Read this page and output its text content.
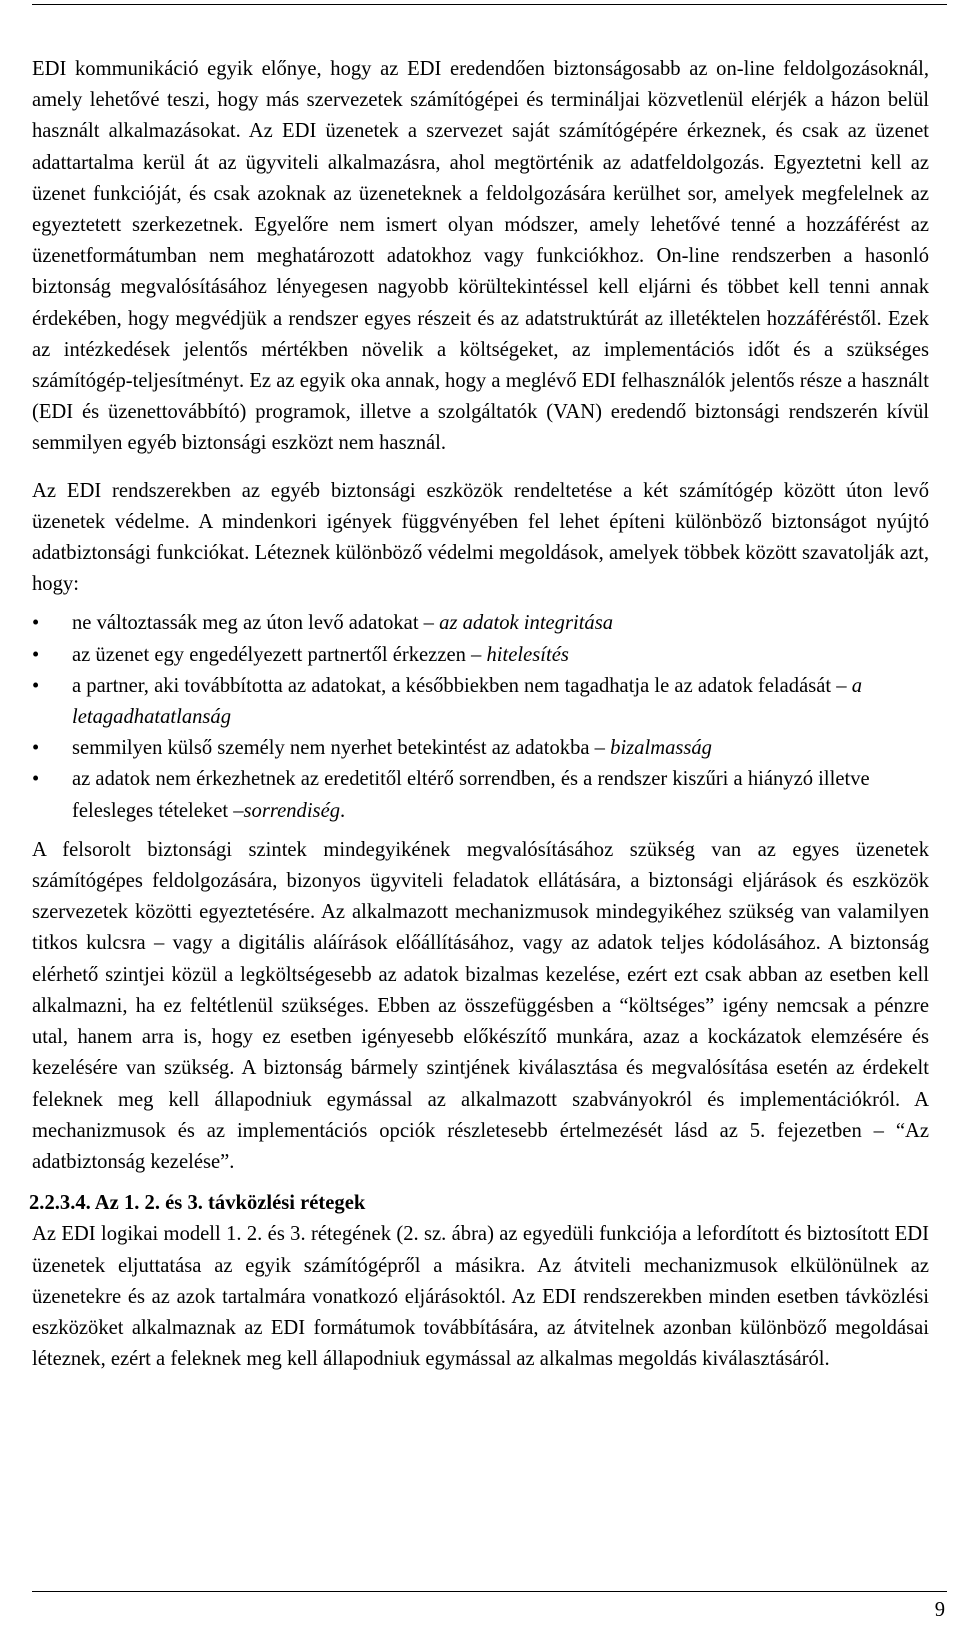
EDI kommunikáció egyik előnye, hogy az EDI eredendően biztonságosabb az on-line feldolgozásoknál, amely lehetővé teszi, hogy más szervezetek számítógépei és termináljai közvetlenül elérjék a házon belül használt alkalmazásokat. Az EDI üzenetek a szervezet saját számítógépére érkeznek, és csak az üzenet adattartalma kerül át az ügyviteli alkalmazásra, ahol megtörténik az adatfeldolgozás. Egyeztetni kell az üzenet funkcióját, és csak azoknak az üzeneteknek a feldolgozására kerülhet sor, amelyek megfelelnek az egyeztetett szerkezetnek. Egyelőre nem ismert olyan módszer, amely lehetővé tenné a hozzáférést az üzenetformátumban nem meghatározott adatokhoz vagy funkciókhoz. On-line rendszerben a hasonló biztonság megvalósításához lényegesen nagyobb körültekintéssel kell eljárni és többet kell tenni annak érdekében, hogy megvédjük a rendszer egyes részeit és az adatstruktúrát az illetéktelen hozzáféréstől. Ezek az intézkedések jelentős mértékben növelik a költségeket, az implementációs időt és a szükséges számítógép-teljesítményt. Ez az egyik oka annak, hogy a meglévő EDI felhasználók jelentős része a használt (EDI és üzenettovábbító) programok, illetve a szolgáltatók (VAN) eredendő biztonsági rendszerén kívül semmilyen egyéb biztonsági eszközt nem használ.

Az EDI rendszerekben az egyéb biztonsági eszközök rendeltetése a két számítógép között úton levő üzenetek védelme. A mindenkori igények függvényében fel lehet építeni különböző biztonságot nyújtó adatbiztonsági funkciókat. Léteznek különböző védelmi megoldások, amelyek többek között szavatolják azt, hogy:

•	ne változtassák meg az úton levő adatokat – az adatok integritása
•	az üzenet egy engedélyezett partnertől érkezzen – hitelesítés
•	a partner, aki továbbította az adatokat, a későbbiekben nem tagadhatja le az adatok feladását – a letagadhatatlanság
•	semmilyen külső személy nem nyerhet betekintést az adatokba – bizalmasság
•	az adatok nem érkezhetnek az eredetitől eltérő sorrendben, és a rendszer kiszűri a hiányzó illetve felesleges tételeket –sorrendiség.

A felsorolt biztonsági szintek mindegyikének megvalósításához szükség van az egyes üzenetek számítógépes feldolgozására, bizonyos ügyviteli feladatok ellátására, a biztonsági eljárások és eszközök szervezetek közötti egyeztetésére. Az alkalmazott mechanizmusok mindegyikéhez szükség van valamilyen titkos kulcsra – vagy a digitális aláírások előállításához, vagy az adatok teljes kódolásához. A biztonság elérhető szintjei közül a legköltségesebb az adatok bizalmas kezelése, ezért ezt csak abban az esetben kell alkalmazni, ha ez feltétlenül szükséges. Ebben az összefüggésben a “költséges” igény nemcsak a pénzre utal, hanem arra is, hogy ez esetben igényesebb előkészítő munkára, azaz a kockázatok elemzésére és kezelésére van szükség. A biztonság bármely szintjének kiválasztása és megvalósítása esetén az érdekelt feleknek meg kell állapodniuk egymással az alkalmazott szabványokról és implementációkról. A mechanizmusok és az implementációs opciók részletesebb értelmezését lásd az 5. fejezetben – “Az adatbiztonság kezelése”.

2.2.3.4. Az 1. 2. és 3. távközlési rétegek

Az EDI logikai modell 1. 2. és 3. rétegének (2. sz. ábra) az egyedüli funkciója a lefordított és biztosított EDI üzenetek eljuttatása az egyik számítógépről a másikra. Az átviteli mechanizmusok elkülönülnek az üzenetekre és az azok tartalmára vonatkozó eljárásoktól. Az EDI rendszerekben minden esetben távközlési eszközöket alkalmaznak az EDI formátumok továbbítására, az átvitelnek azonban különböző megoldásai léteznek, ezért a feleknek meg kell állapodniuk egymással az alkalmas megoldás kiválasztásáról.

9
